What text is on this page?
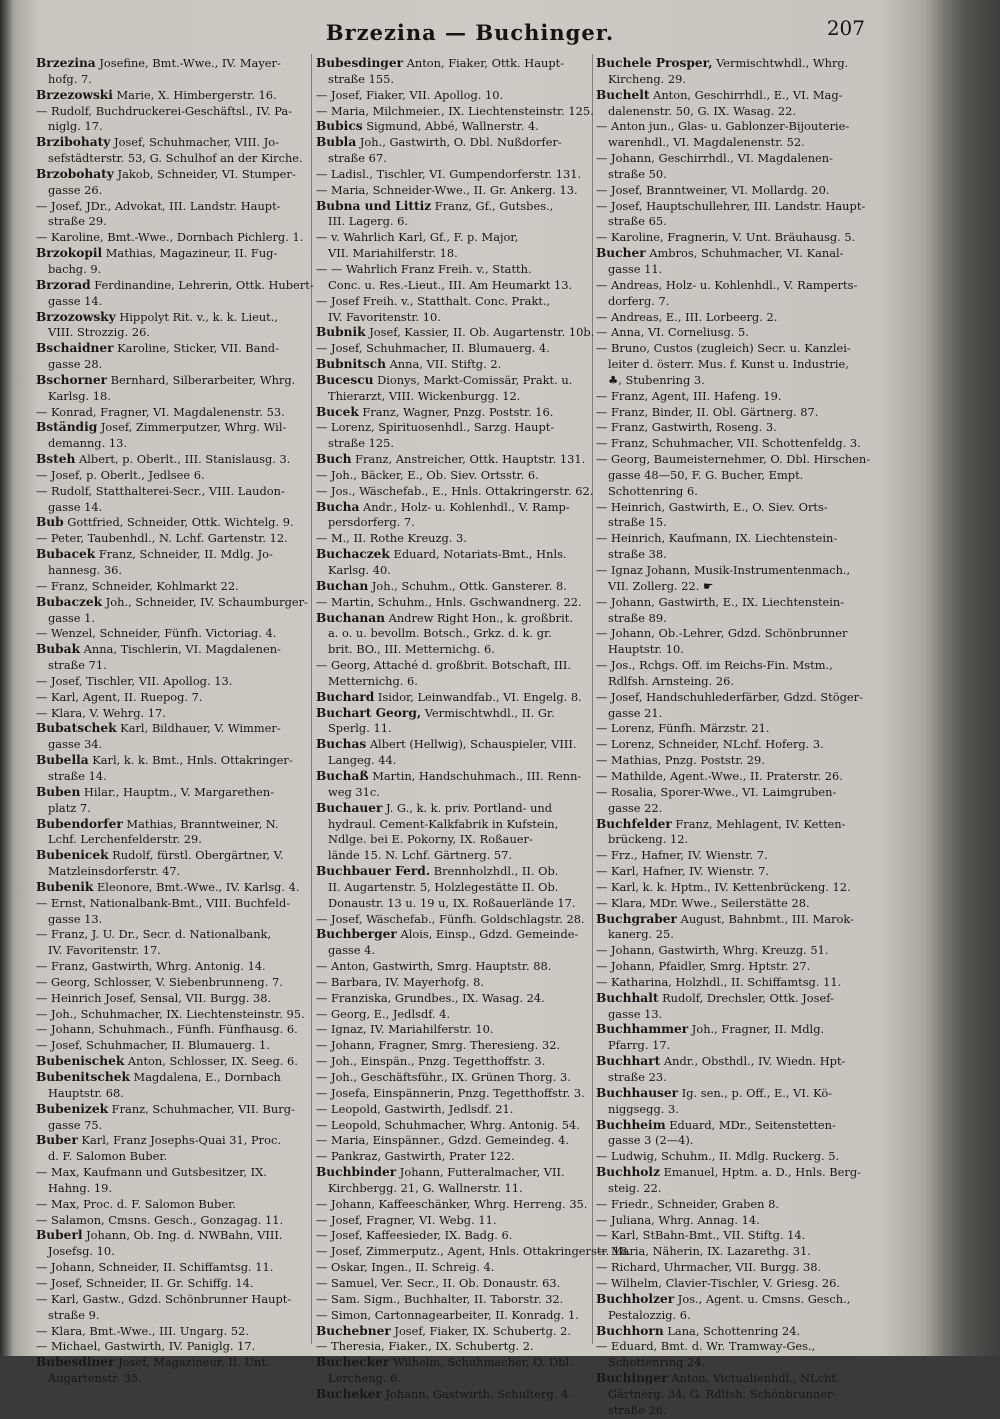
Brzezina — Buchinger.	207
Brzezina Josefine, Bmt.-Wwe., IV. Mayer-
hofg. 7.
Brzezowski Marie, X. Himbergerstr. 16.
— Rudolf, Buchdruckerei-Geschäftsl., IV. Pa-
niglg. 17.
Brzibohaty Josef, Schuhmacher, VIII. Jo-
sefstädterstr. 53, G. Schulhof an der Kirche.
Brzobohaty Jakob, Schneider, VI. Stumper-
gasse 26.
— Josef, JDr., Advokat, III. Landstr. Haupt-
straße 29.
— Karoline, Bmt.-Wwe., Dornbach Pichlerg. 1.
Brzokopil Mathias, Magazineur, II. Fug-
bachg. 9.
Brzorad Ferdinandine, Lehrerin, Ottk. Hubert-
gasse 14.
Brzozowsky Hippolyt Rit. v., k. k. Lieut.,
VIII. Strozzig. 26.
Bschaidner Karoline, Sticker, VII. Band-
gasse 28.
Bschorner Bernhard, Silberarbeiter, Whrg.
Karlsg. 18.
— Konrad, Fragner, VI. Magdalenenstr. 53.
Bständig Josef, Zimmerputzer, Whrg. Wil-
demanng. 13.
Bsteh Albert, p. Oberlt., III. Stanislausg. 3.
— Josef, p. Oberlt., Jedlsee 6.
— Rudolf, Statthalterei-Secr., VIII. Laudon-
gasse 14.
Bub Gottfried, Schneider, Ottk. Wichtelg. 9.
— Peter, Taubenhdl., N. Lchf. Gartenstr. 12.
Bubacek Franz, Schneider, II. Mdlg. Jo-
hannesg. 36.
— Franz, Schneider, Kohlmarkt 22.
Bubaczek Joh., Schneider, IV. Schaumburger-
gasse 1.
— Wenzel, Schneider, Fünfh. Victoriag. 4.
Bubak Anna, Tischlerin, VI. Magdalenen-
straße 71.
— Josef, Tischler, VII. Apollog. 13.
— Karl, Agent, II. Ruepog. 7.
— Klara, V. Wehrg. 17.
Bubatschek Karl, Bildhauer, V. Wimmer-
gasse 34.
Bubella Karl, k. k. Bmt., Hnls. Ottakringer-
straße 14.
Buben Hilar., Hauptm., V. Margarethen-
platz 7.
Bubendorfer Mathias, Branntweiner, N.
Lchf. Lerchenfelderstr. 29.
Bubenicek Rudolf, fürstl. Obergärtner, V.
Matzleinsdorferstr. 47.
Bubenik Eleonore, Bmt.-Wwe., IV. Karlsg. 4.
— Ernst, Nationalbank-Bmt., VIII. Buchfeld-
gasse 13.
— Franz, J. U. Dr., Secr. d. Nationalbank,
IV. Favoritenstr. 17.
— Franz, Gastwirth, Whrg. Antonig. 14.
— Georg, Schlosser, V. Siebenbrunneng. 7.
— Heinrich Josef, Sensal, VII. Burgg. 38.
— Joh., Schuhmacher, IX. Liechtensteinstr. 95.
— Johann, Schuhmach., Fünfh. Fünfhausg. 6.
— Josef, Schuhmacher, II. Blumauerg. 1.
Bubenischek Anton, Schlosser, IX. Seeg. 6.
Bubenitschek Magdalena, E., Dornbach
Hauptstr. 68.
Bubenizek Franz, Schuhmacher, VII. Burg-
gasse 75.
Buber Karl, Franz Josephs-Quai 31, Proc.
d. F. Salomon Buber.
— Max, Kaufmann und Gutsbesitzer, IX.
Hahng. 19.
— Max, Proc. d. F. Salomon Buber.
— Salamon, Cmsns. Gesch., Gonzagag. 11.
Buberl Johann, Ob. Ing. d. NWBahn, VIII.
Josefsg. 10.
— Johann, Schneider, II. Schiffamtsg. 11.
— Josef, Schneider, II. Gr. Schiffg. 14.
— Karl, Gastw., Gdzd. Schönbrunner Haupt-
straße 9.
— Klara, Bmt.-Wwe., III. Ungarg. 52.
— Michael, Gastwirth, IV. Paniglg. 17.
Bubesdiner Josef, Magazineur, II. Unt.
Augartenstr. 35.
Bubesdinger Anton, Fiaker, Ottk. Haupt-
straße 155.
— Josef, Fiaker, VII. Apollog. 10.
— Maria, Milchmeier., IX. Liechtensteinstr. 125.
Bubics Sigmund, Abbé, Wallnerstr. 4.
Bubla Joh., Gastwirth, O. Dbl. Nußdorfer-
straße 67.
— Ladisl., Tischler, VI. Gumpendorferstr. 131.
— Maria, Schneider-Wwe., II. Gr. Ankerg. 13.
Bubna und Littiz Franz, Gf., Gutsbes.,
III. Lagerg. 6.
— v. Wahrlich Karl, Gf., F. p. Major,
VII. Mariahilferstr. 18.
— — Wahrlich Franz Freih. v., Statth.
Conc. u. Res.-Lieut., III. Am Heumarkt 13.
— Josef Freih. v., Statthalt. Conc. Prakt.,
IV. Favoritenstr. 10.
Bubnik Josef, Kassier, II. Ob. Augartenstr. 10b.
— Josef, Schuhmacher, II. Blumauerg. 4.
Bubnitsch Anna, VII. Stiftg. 2.
Bucescu Dionys, Markt-Comissär, Prakt. u.
Thierarzt, VIII. Wickenburgg. 12.
Bucek Franz, Wagner, Pnzg. Poststr. 16.
— Lorenz, Spirituosenhdl., Sarzg. Haupt-
straße 125.
Buch Franz, Anstreicher, Ottk. Hauptstr. 131.
— Joh., Bäcker, E., Ob. Siev. Ortsstr. 6.
— Jos., Wäschefab., E., Hnls. Ottakringerstr. 62.
Bucha Andr., Holz- u. Kohlenhdl., V. Ramp-
persdorferg. 7.
— M., II. Rothe Kreuzg. 3.
Buchaczek Eduard, Notariats-Bmt., Hnls.
Karlsg. 40.
Buchan Joh., Schuhm., Ottk. Gansterer. 8.
— Martin, Schuhm., Hnls. Gschwandnerg. 22.
Buchanan Andrew Right Hon., k. großbrit.
a. o. u. bevollm. Botsch., Grkz. d. k. gr.
brit. BO., III. Metternichg. 6.
— Georg, Attaché d. großbrit. Botschaft, III.
Metternichg. 6.
Buchard Isidor, Leinwandfab., VI. Engelg. 8.
Buchart Georg, Vermischtwhdl., II. Gr.
Sperlg. 11.
Buchas Albert (Hellwig), Schauspieler, VIII.
Langeg. 44.
Buchaß Martin, Handschuhmach., III. Renn-
weg 31c.
Buchauer J. G., k. k. priv. Portland- und
hydraul. Cement-Kalkfabrik in Kufstein,
Ndlge. bei E. Pokorny, IX. Roßauer-
lände 15. N. Lchf. Gärtnerg. 57.
Buchbauer Ferd. Brennholzhdl., II. Ob.
II. Augartenstr. 5, Holzlegestätte II. Ob.
Donaustr. 13 u. 19 u, IX. Roßauerlände 17.
— Josef, Wäschefab., Fünfh. Goldschlagstr. 28.
Buchberger Alois, Einsp., Gdzd. Gemeinde-
gasse 4.
— Anton, Gastwirth, Smrg. Hauptstr. 88.
— Barbara, IV. Mayerhofg. 8.
— Franziska, Grundbes., IX. Wasag. 24.
— Georg, E., Jedlsdf. 4.
— Ignaz, IV. Mariahilferstr. 10.
— Johann, Fragner, Smrg. Theresieng. 32.
— Joh., Einspän., Pnzg. Tegetthoffstr. 3.
— Joh., Geschäftsführ., IX. Grünen Thorg. 3.
— Josefa, Einspännerin, Pnzg. Tegetthoffstr. 3.
— Leopold, Gastwirth, Jedlsdf. 21.
— Leopold, Schuhmacher, Whrg. Antonig. 54.
— Maria, Einspänner., Gdzd. Gemeindeg. 4.
— Pankraz, Gastwirth, Prater 122.
Buchbinder Johann, Futteralmacher, VII.
Kirchbergg. 21, G. Wallnerstr. 11.
— Johann, Kaffeeschänker, Whrg. Herreng. 35.
— Josef, Fragner, VI. Webg. 11.
— Josef, Kaffeesieder, IX. Badg. 6.
— Josef, Zimmerputz., Agent, Hnls. Ottakringerstr. 18.
— Oskar, Ingen., II. Schreig. 4.
— Samuel, Ver. Secr., II. Ob. Donaustr. 63.
— Sam. Sigm., Buchhalter, II. Taborstr. 32.
— Simon, Cartonnagearbeiter, II. Konradg. 1.
Buchebner Josef, Fiaker, IX. Schubertg. 2.
— Theresia, Fiaker., IX. Schubertg. 2.
Buchecker Wilhelm, Schuhmacher, O. Dbl.
Lercheng. 6.
Bucheker Johann, Gastwirth, Schulterg. 4.
Buchele Prosper, Vermischtwhdl., Whrg.
Kircheng. 29.
Buchelt Anton, Geschirrhdl., E., VI. Mag-
dalenenstr. 50, G. IX. Wasag. 22.
— Anton jun., Glas- u. Gablonzer-Bijouterie-
warenhdl., VI. Magdalenenstr. 52.
— Johann, Geschirrhdl., VI. Magdalenen-
straße 50.
— Josef, Branntweiner, VI. Mollardg. 20.
— Josef, Hauptschullehrer, III. Landstr. Haupt-
straße 65.
— Karoline, Fragnerin, V. Unt. Bräuhausg. 5.
Bucher Ambros, Schuhmacher, VI. Kanal-
gasse 11.
— Andreas, Holz- u. Kohlenhdl., V. Ramperts-
dorferg. 7.
— Andreas, E., III. Lorbeerg. 2.
— Anna, VI. Corneliusg. 5.
— Bruno, Custos (zugleich) Secr. u. Kanzlei-
leiter d. österr. Mus. f. Kunst u. Industrie,
♣, Stubenring 3.
— Franz, Agent, III. Hafeng. 19.
— Franz, Binder, II. Obl. Gärtnerg. 87.
— Franz, Gastwirth, Roseng. 3.
— Franz, Schuhmacher, VII. Schottenfeldg. 3.
— Georg, Baumeisternehmer, O. Dbl. Hirschen-
gasse 48—50, F. G. Bucher, Empt.
Schottenring 6.
— Heinrich, Gastwirth, E., O. Siev. Orts-
straße 15.
— Heinrich, Kaufmann, IX. Liechtenstein-
straße 38.
— Ignaz Johann, Musik-Instrumentenmach.,
VII. Zollerg. 22. ☛
— Johann, Gastwirth, E., IX. Liechtenstein-
straße 89.
— Johann, Ob.-Lehrer, Gdzd. Schönbrunner
Hauptstr. 10.
— Jos., Rchgs. Off. im Reichs-Fin. Mstm.,
Rdlfsh. Arnsteing. 26.
— Josef, Handschuhlederfärber, Gdzd. Stöger-
gasse 21.
— Lorenz, Fünfh. Märzstr. 21.
— Lorenz, Schneider, NLchf. Hoferg. 3.
— Mathias, Pnzg. Poststr. 29.
— Mathilde, Agent.-Wwe., II. Praterstr. 26.
— Rosalia, Sporer-Wwe., VI. Laimgruben-
gasse 22.
Buchfelder Franz, Mehlagent, IV. Ketten-
brückeng. 12.
— Frz., Hafner, IV. Wienstr. 7.
— Karl, Hafner, IV. Wienstr. 7.
— Karl, k. k. Hptm., IV. Kettenbrückeng. 12.
— Klara, MDr. Wwe., Seilerstätte 28.
Buchgraber August, Bahnbmt., III. Marok-
kanerg. 25.
— Johann, Gastwirth, Whrg. Kreuzg. 51.
— Johann, Pfaidler, Smrg. Hptstr. 27.
— Katharina, Holzhdl., II. Schiffamtsg. 11.
Buchhalt Rudolf, Drechsler, Ottk. Josef-
gasse 13.
Buchhammer Joh., Fragner, II. Mdlg.
Pfarrg. 17.
Buchhart Andr., Obsthdl., IV. Wiedn. Hpt-
straße 23.
Buchhauser Ig. sen., p. Off., E., VI. Kö-
niggsegg. 3.
Buchheim Eduard, MDr., Seitenstetten-
gasse 3 (2—4).
— Ludwig, Schuhm., II. Mdlg. Ruckerg. 5.
Buchholz Emanuel, Hptm. a. D., Hnls. Berg-
steig. 22.
— Friedr., Schneider, Graben 8.
— Juliana, Whrg. Annag. 14.
— Karl, StBahn-Bmt., VII. Stiftg. 14.
— Maria, Näherin, IX. Lazarethg. 31.
— Richard, Uhrmacher, VII. Burgg. 38.
— Wilhelm, Clavier-Tischler, V. Griesg. 26.
Buchholzer Jos., Agent. u. Cmsns. Gesch.,
Pestalozzig. 6.
Buchhorn Lana, Schottenring 24.
— Eduard, Bmt. d. Wr. Tramway-Ges.,
Schottenring 24.
Buchinger Anton, Victualienhdl., NLchf.
Gärtnerg. 34, G. Rdlfsh. Schönbrunner-
straße 26.
